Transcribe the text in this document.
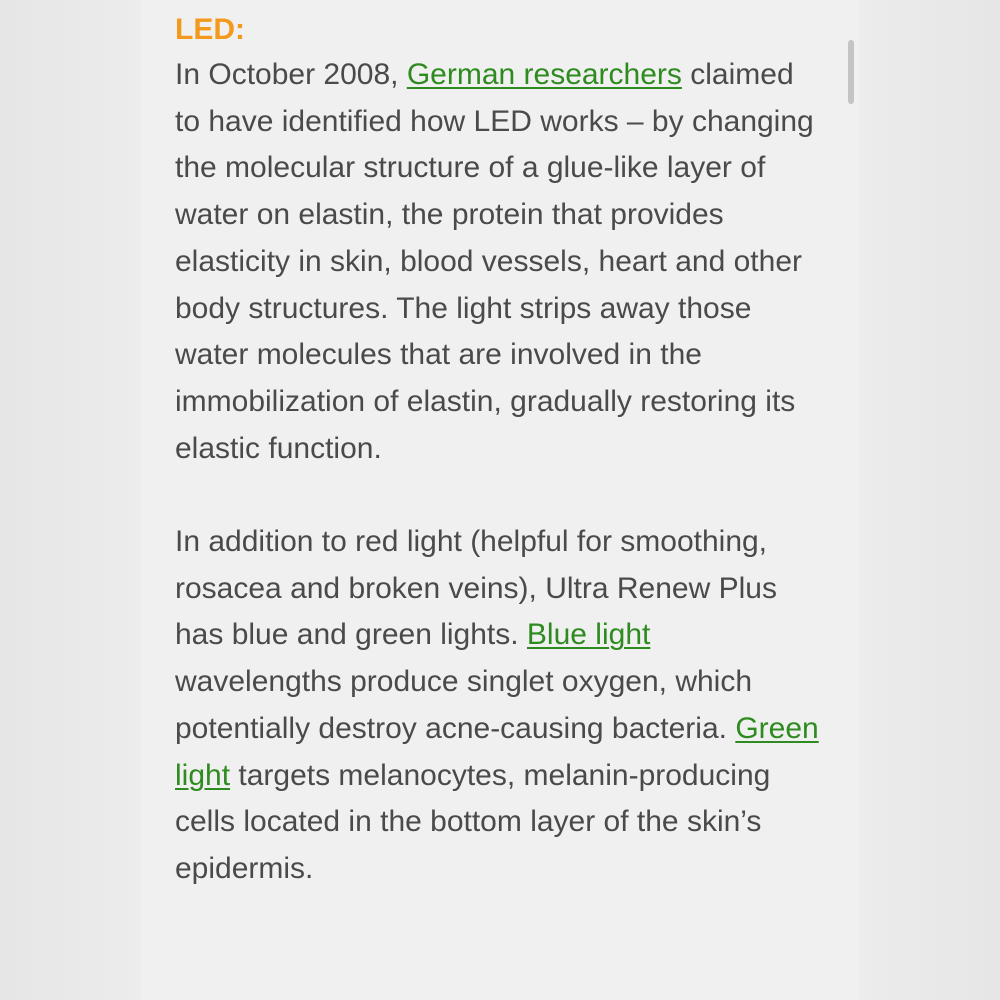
LED:

In October 2008, German researchers claimed to have identified how LED works – by changing the molecular structure of a glue-like layer of water on elastin, the protein that provides elasticity in skin, blood vessels, heart and other body structures. The light strips away those water molecules that are involved in the immobilization of elastin, gradually restoring its elastic function.

In addition to red light (helpful for smoothing, rosacea and broken veins), Ultra Renew Plus has blue and green lights. Blue light wavelengths produce singlet oxygen, which potentially destroy acne-causing bacteria. Green light targets melanocytes, melanin-producing cells located in the bottom layer of the skin’s epidermis.
